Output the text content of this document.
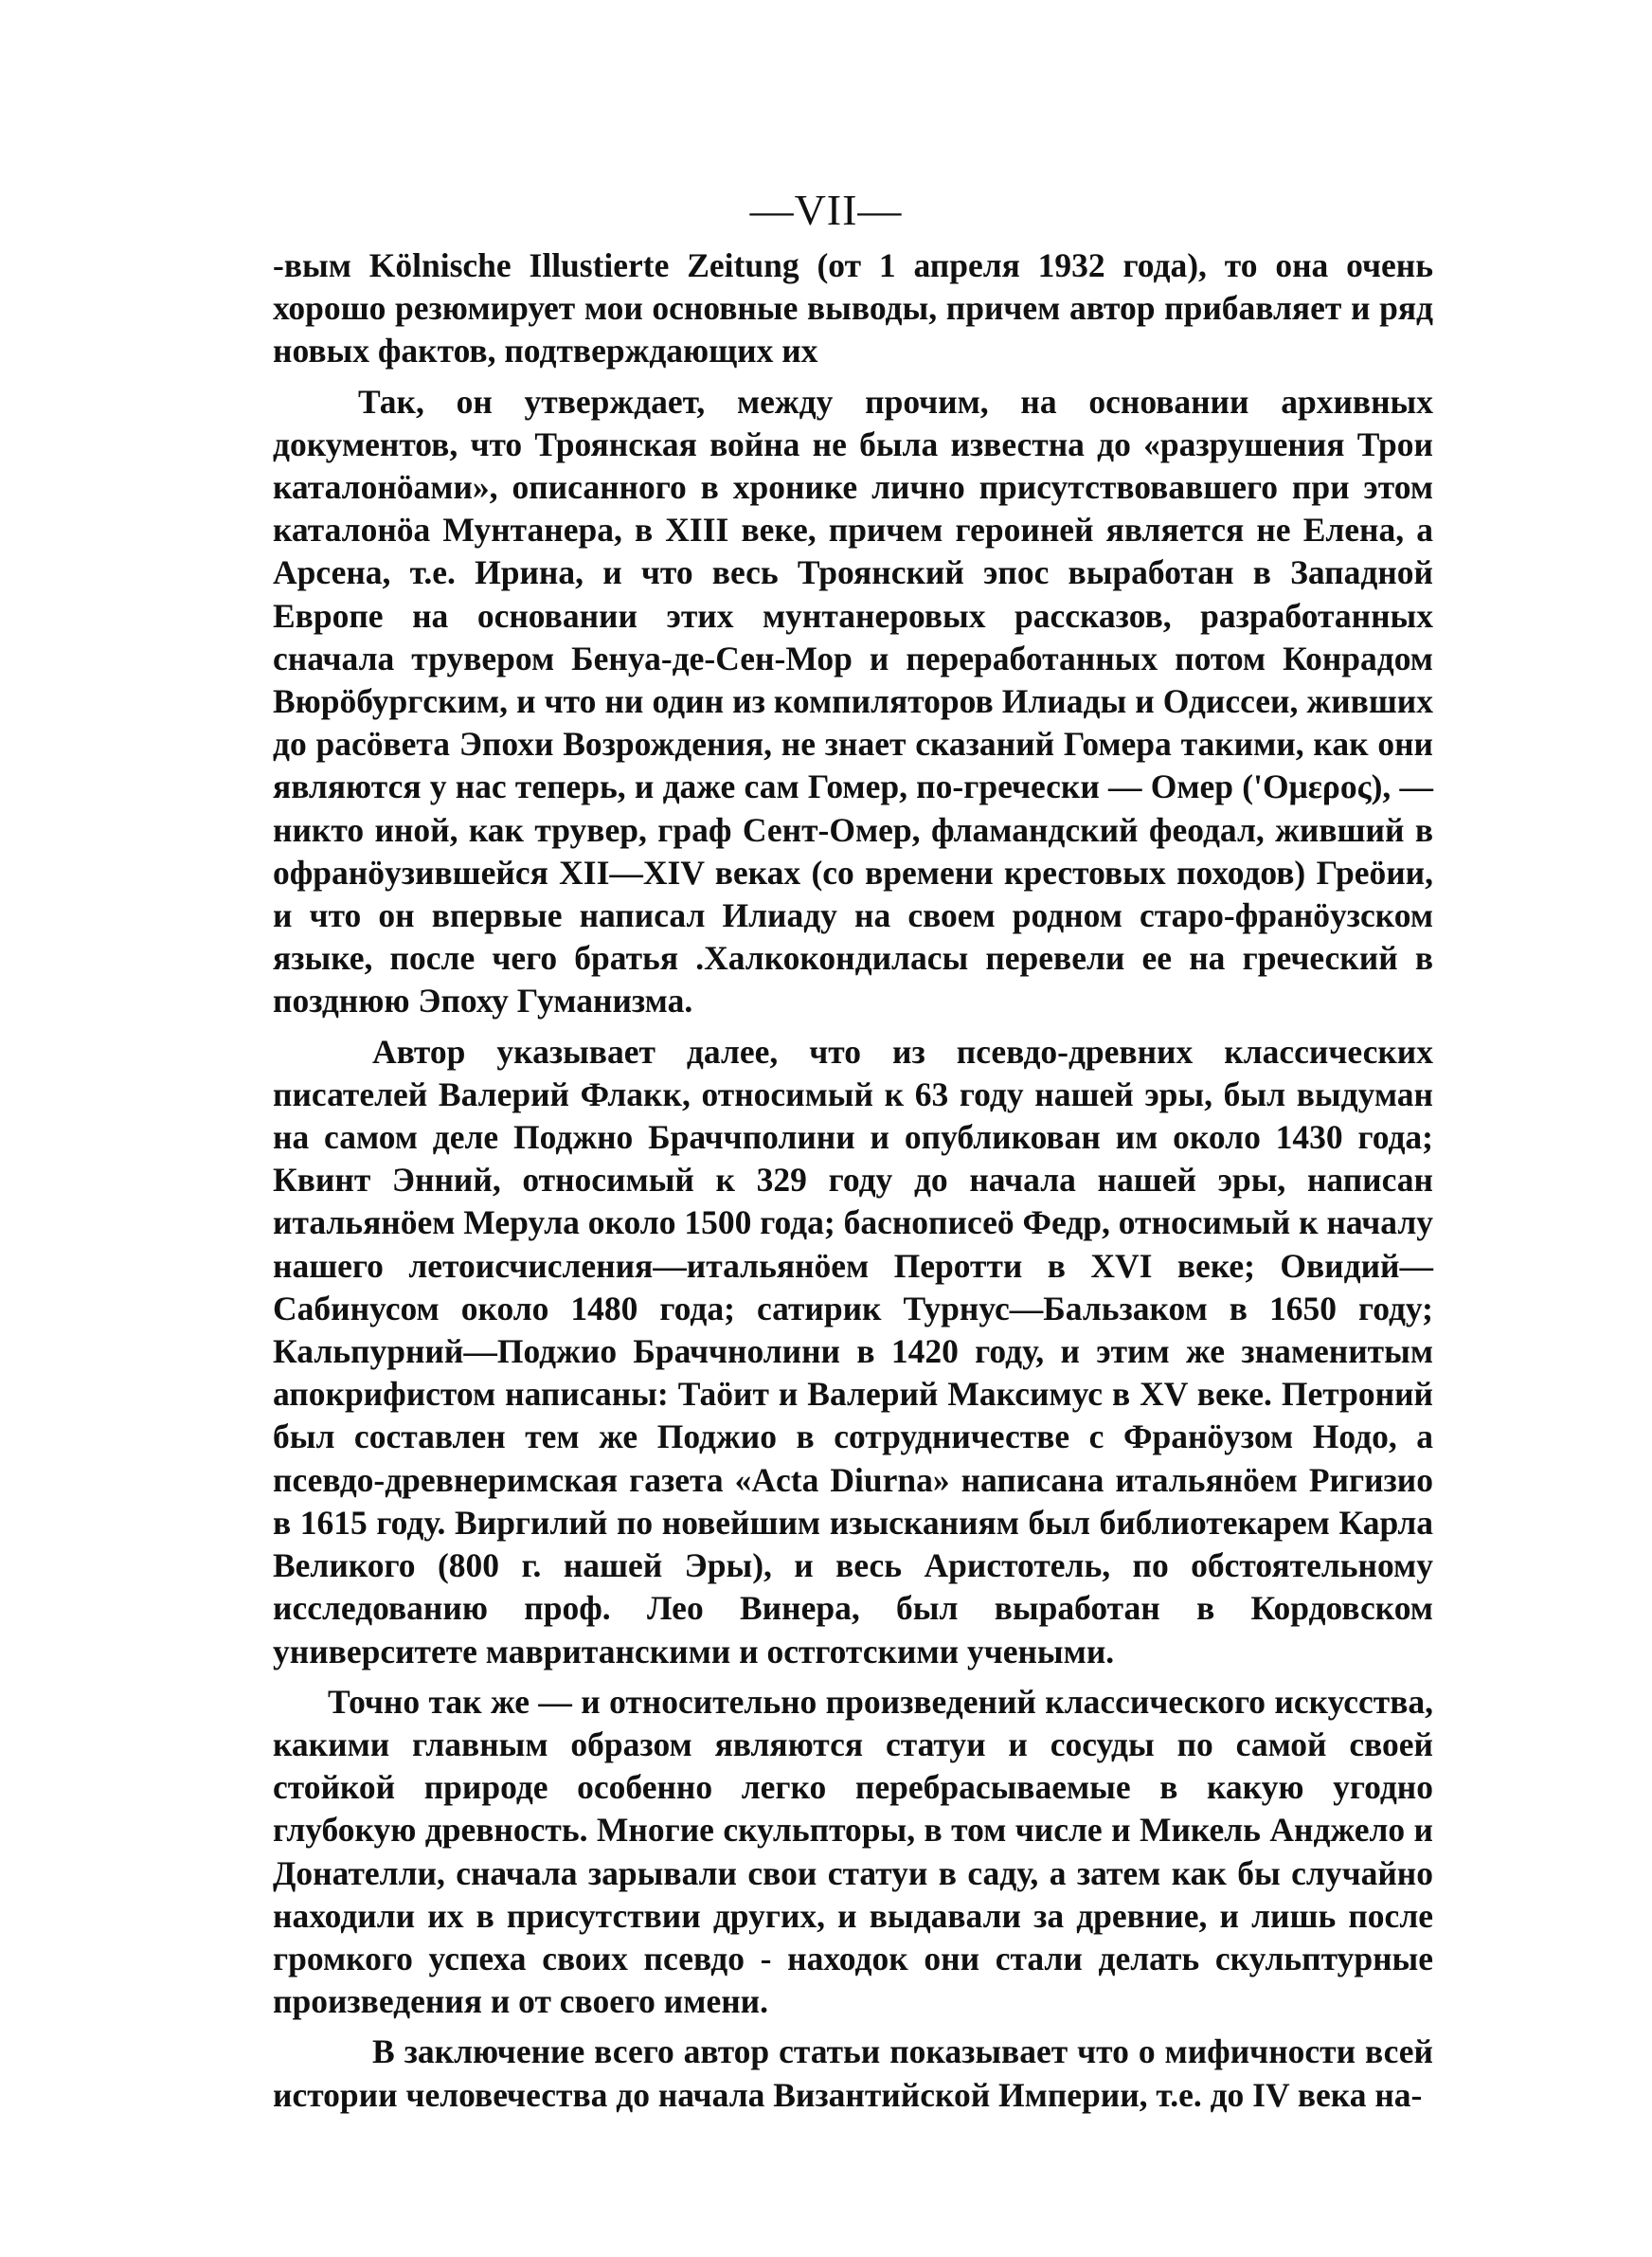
—VII—

-вым Kölnische Illustierte Zeitung (от 1 апреля 1932 года), то она очень хорошо резюмирует мои основные выводы, причем автор прибавляет и ряд новых фактов, подтверждающих их

Так, он утверждает, между прочим, на основании архивных документов, что Троянская война не была известна до «разрушения Трои каталонöами», описанного в хронике лично присутствовавшего при этом каталонöа Мунтанера, в XIII веке, причем героиней является не Елена, а Арсена, т.е. Ирина, и что весь Троянский эпос выработан в Западной Европе на основании этих мунтанеровых рассказов, разработанных сначала трувером Бенуа-де-Сен-Мор и переработанных потом Конрадом Вюрöбургским, и что ни один из компиляторов Илиады и Одиссеи, живших до расöвета Эпохи Возрождения, не знает сказаний Гомера такими, как они являются у нас теперь, и даже сам Гомер, по-гречески — Омер ('Ομερος), — никто иной, как трувер, граф Сент-Омер, фламандский феодал, живший в офранöузившейся XII—XIV веках (со времени крестовых походов) Греöии, и что он впервые написал Илиаду на своем родном старо-франöузском языке, после чего братья .Халкокондиласы перевели ее на греческий в позднюю Эпоху Гуманизма.

Автор указывает далее, что из псевдо-древних классических писателей Валерий Флакк, относимый к 63 году нашей эры, был выдуман на самом деле Поджно Браччполини и опубликован им около 1430 года; Квинт Энний, относимый к 329 году до начала нашей эры, написан итальянöем Мерула около 1500 года; баснописеö Федр, относимый к началу нашего летоисчисления—итальянöем Перотти в XVI веке; Овидий—Сабинусом около 1480 года; сатирик Турнус—Бальзаком в 1650 году; Кальпурний—Поджио Браччнолини в 1420 году, и этим же знаменитым апокрифистом написаны: Таöит и Валерий Максимус в XV веке. Петроний был составлен тем же Поджио в сотрудничестве с Франöузом Нодо, а псевдо-древнеримская газета «Acta Diurna» написана итальянöем Ригизио в 1615 году. Виргилий по новейшим изысканиям был библиотекарем Карла Великого (800 г. нашей Эры), и весь Аристотель, по обстоятельному исследованию проф. Лео Винера, был выработан в Кордовском университете мавританскими и остготскими учеными.

Точно так же — и относительно произведений классического искусства, какими главным образом являются статуи и сосуды по самой своей стойкой природе особенно легко перебрасываемые в какую угодно глубокую древность. Многие скульпторы, в том числе и Микель Анджело и Донателли, сначала зарывали свои статуи в саду, а затем как бы случайно находили их в присутствии других, и выдавали за древние, и лишь после громкого успеха своих псевдо - находок они стали делать скульптурные произведения и от своего имени.

В заключение всего автор статьи показывает что о мифичности всей истории человечества до начала Византийской Империи, т.е. до IV века на-
